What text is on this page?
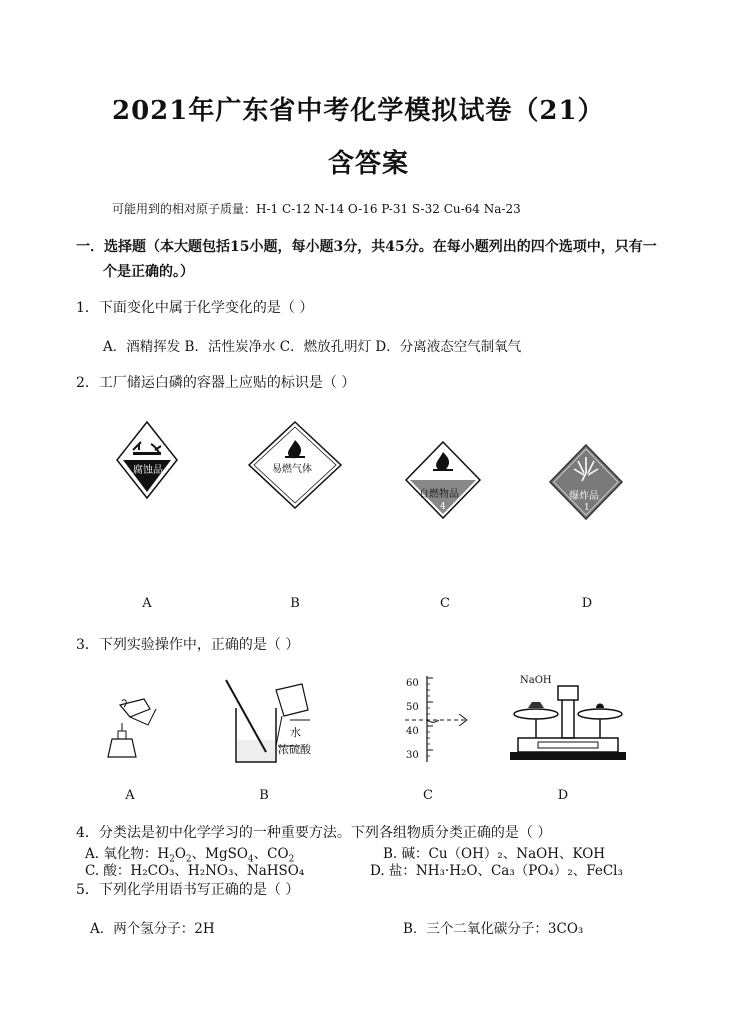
2021年广东省中考化学模拟试卷（21）
含答案
可能用到的相对原子质量：H-1 C-12 N-14 O-16 P-31 S-32 Cu-64 Na-23
一．选择题（本大题包括15小题，每小题3分，共45分。在每小题列出的四个选项中，只有一
个是正确的。）
1．下面变化中属于化学变化的是（ ）
A．酒精挥发 B．活性炭净水 C．燃放孔明灯 D．分离液态空气制氧气
2．工厂储运白磷的容器上应贴的标识是（ ）
腐蚀品	易燃气体
自燃物品
4
爆炸品
1
A	B	C	D
3．下列实验操作中，正确的是（ ）
水
浓硫酸
60
50
40
30
NaOH
A	B	C	D
4．分类法是初中化学学习的一种重要方法。下列各组物质分类正确的是（ ）
A. 氧化物：$H_2O_2$、MgSO$_4$、$CO_2$	B. 碱：Cu（OH）₂、NaOH、KOH
C. 酸：H₂CO₃、H₂NO₃、NaHSO₄	D. 盐：NH₃·H₂O、Ca₃（PO₄）₂、FeCl₃
5．下列化学用语书写正确的是（ ）
A．两个氢分子：2H	B．三个二氧化碳分子：3CO₃
